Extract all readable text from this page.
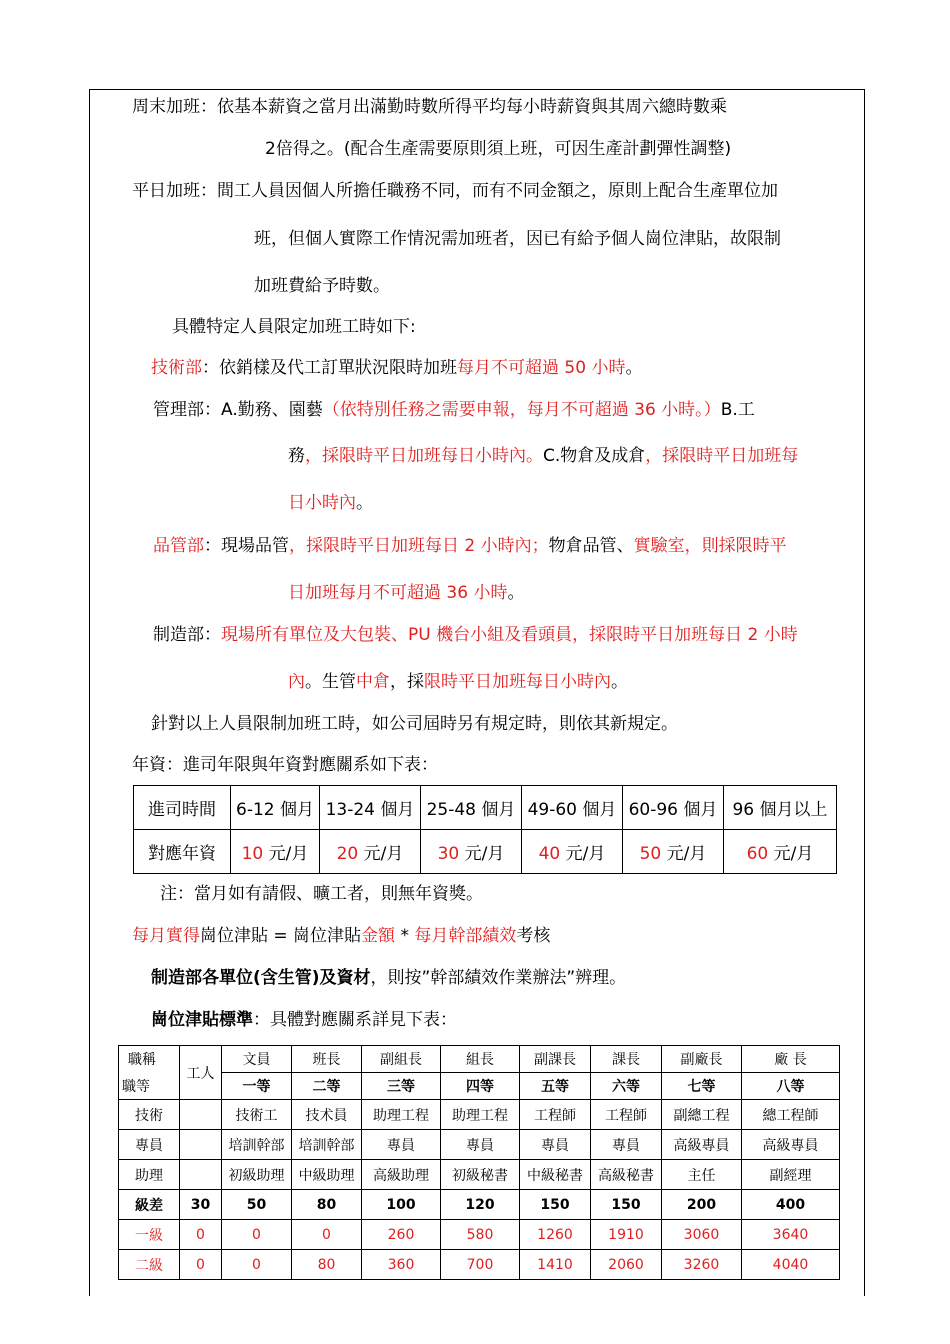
周末加班：依基本薪資之當月出滿勤時數所得平均每小時薪資與其周六總時數乘
2倍得之。(配合生產需要原則須上班，可因生產計劃彈性調整)
平日加班：間工人員因個人所擔任職務不同，而有不同金額之，原則上配合生產單位加
班，但個人實際工作情況需加班者，因已有給予個人崗位津貼，故限制
加班費給予時數。
具體特定人員限定加班工時如下:
技術部：依銷樣及代工訂單狀況限時加班每月不可超過 50 小時。
管理部：A.勤務、園藝（依特別任務之需要申報，每月不可超過 36 小時。）B.工
務，採限時平日加班每日小時內。C.物倉及成倉，採限時平日加班每
日小時內。
品管部：現場品管，採限時平日加班每日 2 小時內；物倉品管、實驗室，則採限時平
日加班每月不可超過 36 小時。
制造部：現場所有單位及大包裝、PU 機台小組及看頭員，採限時平日加班每日 2 小時
內。生管中倉，採限時平日加班每日小時內。
針對以上人員限制加班工時，如公司屆時另有規定時，則依其新規定。
年資：進司年限與年資對應關系如下表：
進司時間	6-12 個月	13-24 個月	25-48 個月	49-60 個月	60-96 個月	96 個月以上
對應年資	10 元/月	20 元/月	30 元/月	40 元/月	50 元/月	60 元/月
注：當月如有請假、曠工者，則無年資獎。
每月實得崗位津貼 = 崗位津貼金額 * 每月幹部績效考核
制造部各單位(含生管)及資材，則按”幹部績效作業辦法”辨理。
崗位津貼標準：具體對應關系詳見下表：
職稱	工人	文員	班長	副組長	組長	副課長	課長	副廠長	廠 長
職等		一等	二等	三等	四等	五等	六等	七等	八等
技術		技術工	技术員	助理工程	助理工程	工程師	工程師	副總工程	總工程師
專員		培訓幹部	培訓幹部	專員	專員	專員	專員	高級專員	高級專員
助理		初級助理	中級助理	高級助理	初級秘書	中級秘書	高級秘書	主任	副經理
級差	30	50	80	100	120	150	150	200	400
一級	0	0	0	260	580	1260	1910	3060	3640
二級	0	0	80	360	700	1410	2060	3260	4040
